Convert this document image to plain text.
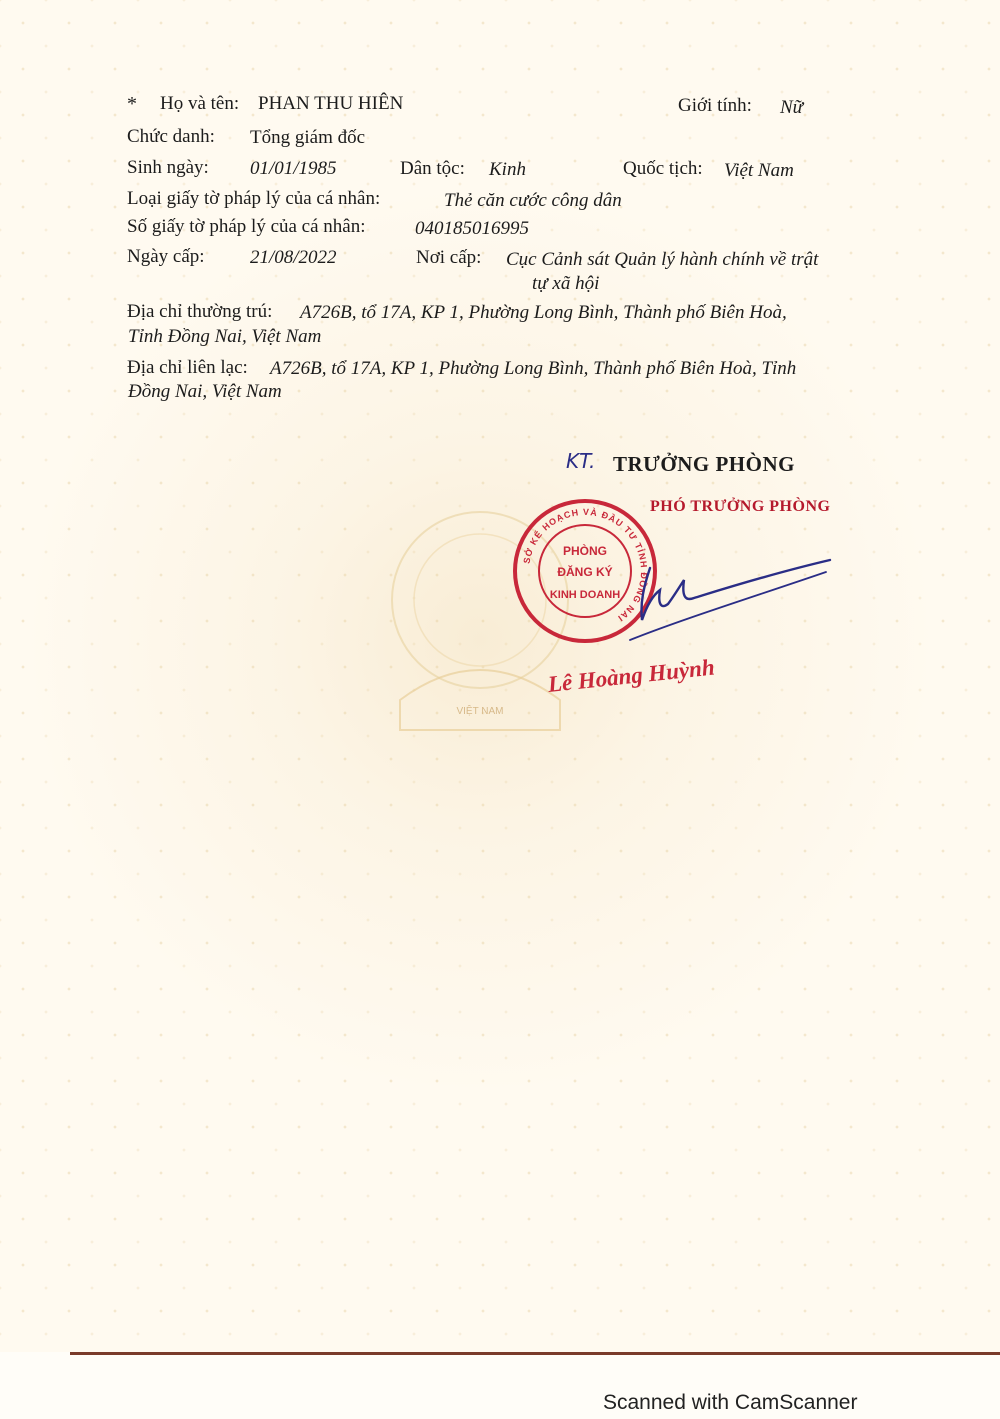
VIỆT NAM
* Họ và tên: PHAN THU HIÊN	Giới tính: Nữ
Chức danh: Tổng giám đốc
Sinh ngày: 01/01/1985	Dân tộc: Kinh	Quốc tịch: Việt Nam
Loại giấy tờ pháp lý của cá nhân:	Thẻ căn cước công dân
Số giấy tờ pháp lý của cá nhân:	040185016995
Ngày cấp: 21/08/2022	Nơi cấp: Cục Cảnh sát Quản lý hành chính về trật
tự xã hội
Địa chỉ thường trú: A726B, tổ 17A, KP 1, Phường Long Bình, Thành phố Biên Hoà,
Tỉnh Đồng Nai, Việt Nam
Địa chỉ liên lạc: A726B, tổ 17A, KP 1, Phường Long Bình, Thành phố Biên Hoà, Tỉnh
Đồng Nai, Việt Nam
KT. TRƯỞNG PHÒNG
PHÓ TRƯỞNG PHÒNG
SỞ KẾ HOẠCH VÀ ĐẦU TƯ TỈNH ĐỒNG NAI
PHÒNG
ĐĂNG KÝ
KINH DOANH
Lê Hoàng Huỳnh
Scanned with CamScanner
